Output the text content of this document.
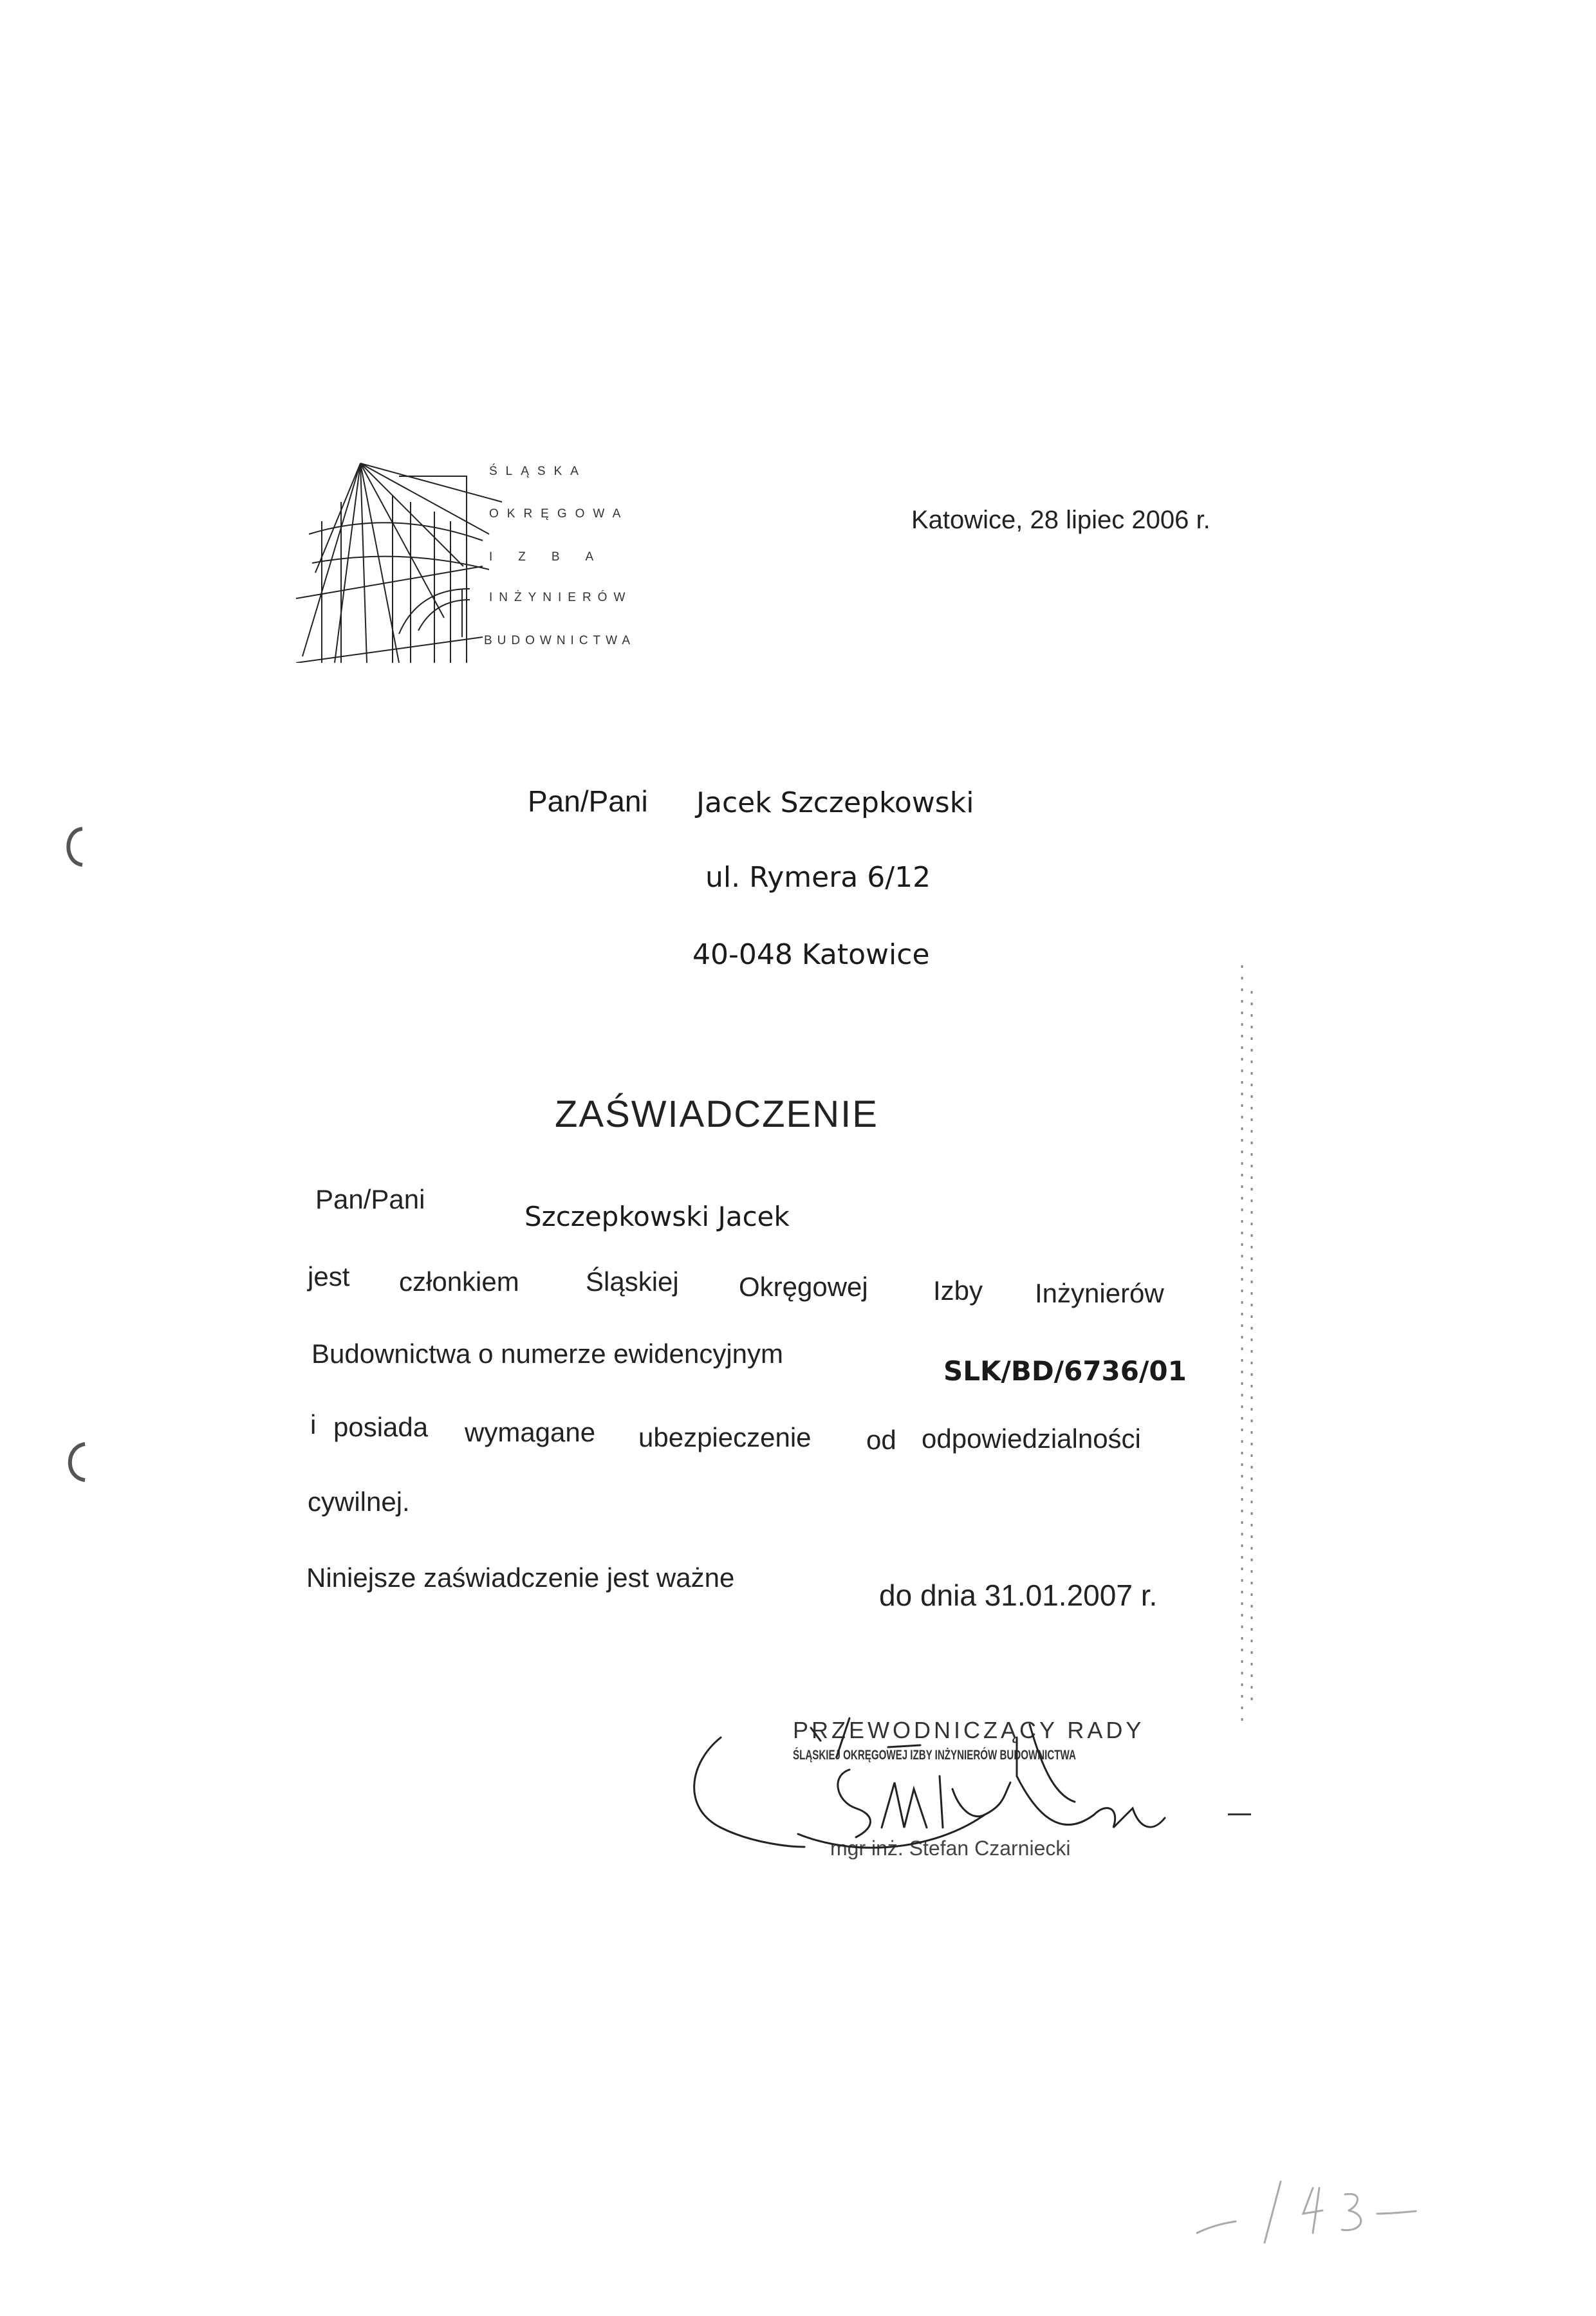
ŚLĄSKA
OKRĘGOWA
IZBA
INŻYNIERÓW
BUDOWNICTWA
Katowice, 28 lipiec 2006 r.
Pan/Pani Jacek Szczepkowski
ul. Rymera 6/12
40-048 Katowice
ZAŚWIADCZENIE
Pan/Pani
Szczepkowski Jacek
jest członkiem Śląskiej Okręgowej Izby Inżynierów
Budownictwa o numerze ewidencyjnym
SLK/BD/6736/01
i posiada wymagane ubezpieczenie od odpowiedzialności
cywilnej.
Niniejsze zaświadczenie jest ważne
do dnia 31.01.2007 r.
PRZEWODNICZĄCY RADY
ŚLĄSKIEJ OKRĘGOWEJ IZBY INŻYNIERÓW BUDOWNICTWA
mgr inż. Stefan Czarniecki
